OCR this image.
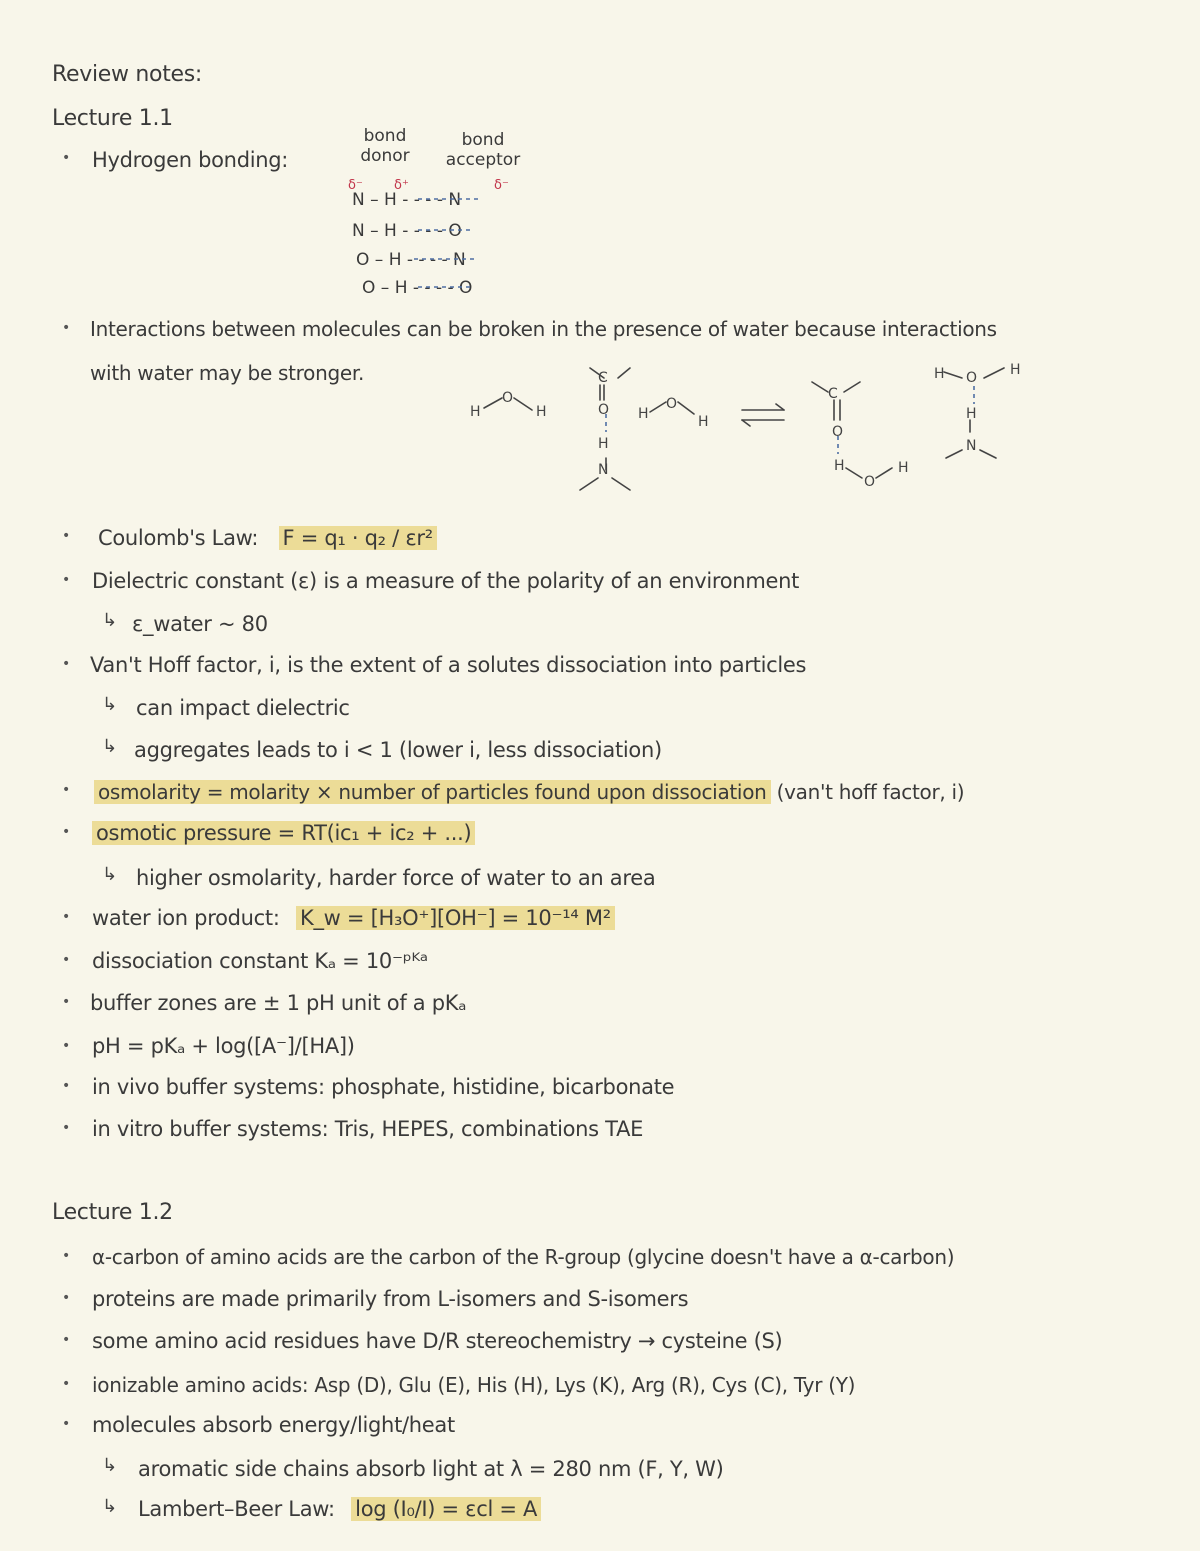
Review notes:
Lecture 1.1
• Hydrogen bonding:
bond donor
bond acceptor
δ⁻ δ⁺	δ⁻
N – H - - - - N
N – H - - - - O
O – H - - - - N
O – H - - - - O
• Interactions between molecules can be broken in the presence of water because interactions
with water may be stronger.
H
O
H
C
O
H
N
H
O
H
C
O
H
O
H
H O H
H
N
• Coulomb's Law: F = q₁ · q₂ / εr²
• Dielectric constant (ε) is a measure of the polarity of an environment
↳ ε_water ~ 80
• Van't Hoff factor, i, is the extent of a solutes dissociation into particles
↳ can impact dielectric
↳ aggregates leads to i < 1 (lower i, less dissociation)
• osmolarity = molarity × number of particles found upon dissociation (van't hoff factor, i)
• osmotic pressure = RT(ic₁ + ic₂ + ...)
↳ higher osmolarity, harder force of water to an area
• water ion product: K_w = [H₃O⁺][OH⁻] = 10⁻¹⁴ M²
• dissociation constant Kₐ = 10⁻ᵖᴷᵃ
• buffer zones are ± 1 pH unit of a pKₐ
• pH = pKₐ + log([A⁻]/[HA])
• in vivo buffer systems: phosphate, histidine, bicarbonate
• in vitro buffer systems: Tris, HEPES, combinations TAE
Lecture 1.2
• α-carbon of amino acids are the carbon of the R-group (glycine doesn't have a α-carbon)
• proteins are made primarily from L-isomers and S-isomers
• some amino acid residues have D/R stereochemistry → cysteine (S)
• ionizable amino acids: Asp (D), Glu (E), His (H), Lys (K), Arg (R), Cys (C), Tyr (Y)
• molecules absorb energy/light/heat
↳ aromatic side chains absorb light at λ = 280 nm (F, Y, W)
↳ Lambert–Beer Law: log (I₀/I) = εcl = A
